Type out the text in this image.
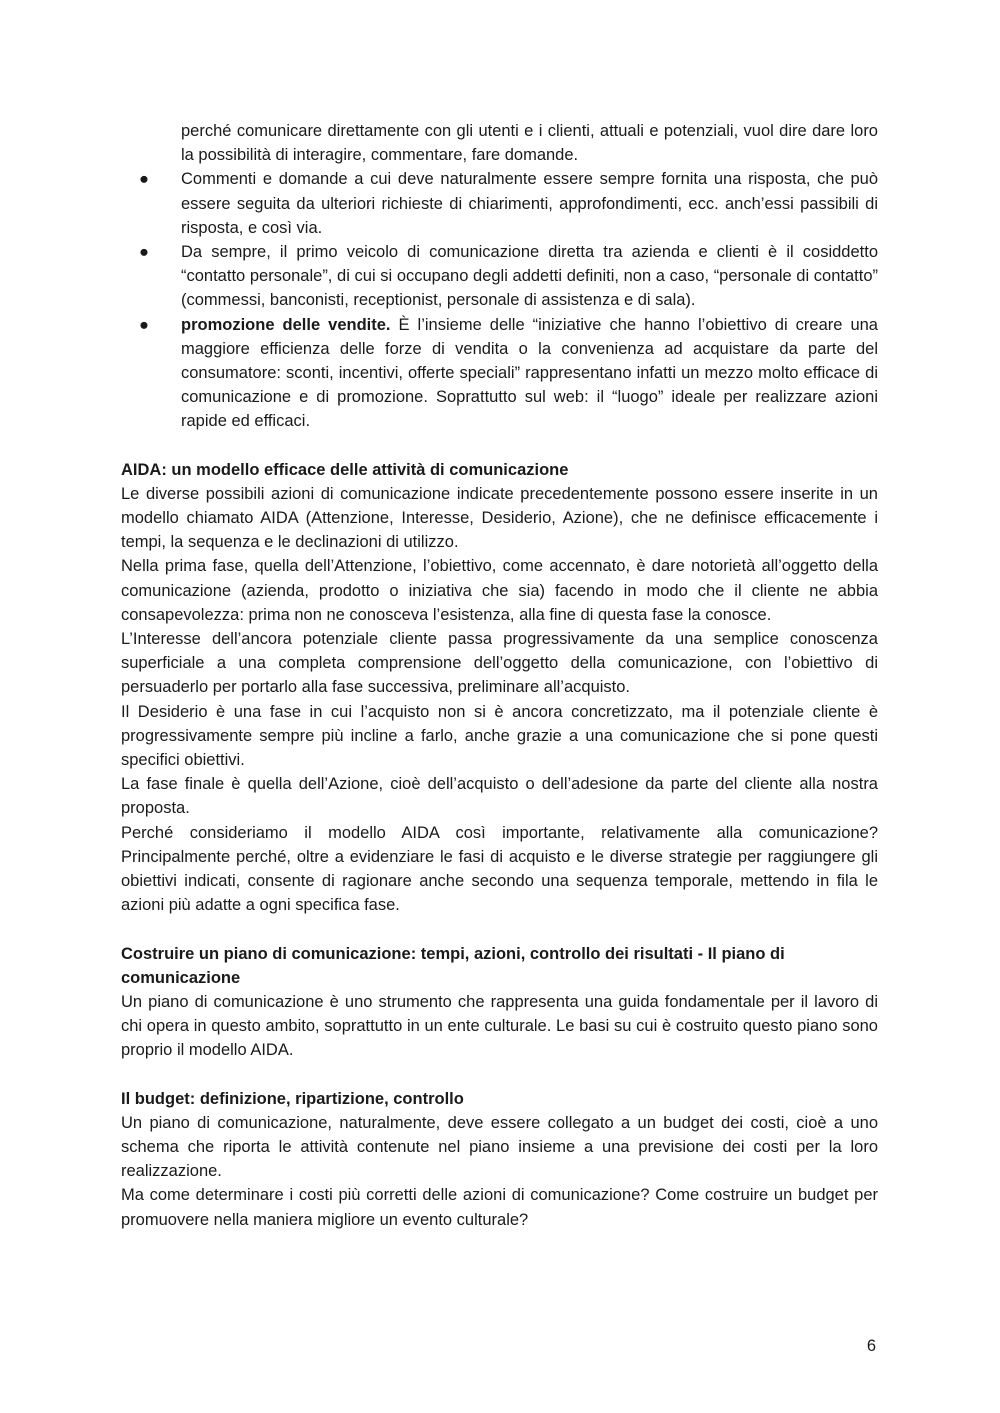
perché comunicare direttamente con gli utenti e i clienti, attuali e potenziali, vuol dire dare loro la possibilità di interagire, commentare, fare domande.
● Commenti e domande a cui deve naturalmente essere sempre fornita una risposta, che può essere seguita da ulteriori richieste di chiarimenti, approfondimenti, ecc. anch’essi passibili di risposta, e così via.
● Da sempre, il primo veicolo di comunicazione diretta tra azienda e clienti è il cosiddetto “contatto personale”, di cui si occupano degli addetti definiti, non a caso, “personale di contatto” (commessi, banconisti, receptionist, personale di assistenza e di sala).
● promozione delle vendite. È l’insieme delle “iniziative che hanno l’obiettivo di creare una maggiore efficienza delle forze di vendita o la convenienza ad acquistare da parte del consumatore: sconti, incentivi, offerte speciali” rappresentano infatti un mezzo molto efficace di comunicazione e di promozione. Soprattutto sul web: il “luogo” ideale per realizzare azioni rapide ed efficaci.

AIDA: un modello efficace delle attività di comunicazione

Le diverse possibili azioni di comunicazione indicate precedentemente possono essere inserite in un modello chiamato AIDA (Attenzione, Interesse, Desiderio, Azione), che ne definisce efficacemente i tempi, la sequenza e le declinazioni di utilizzo.

Nella prima fase, quella dell’Attenzione, l’obiettivo, come accennato, è dare notorietà all’oggetto della comunicazione (azienda, prodotto o iniziativa che sia) facendo in modo che il cliente ne abbia consapevolezza: prima non ne conosceva l’esistenza, alla fine di questa fase la conosce.

L’Interesse dell’ancora potenziale cliente passa progressivamente da una semplice conoscenza superficiale a una completa comprensione dell’oggetto della comunicazione, con l’obiettivo di persuaderlo per portarlo alla fase successiva, preliminare all’acquisto.

Il Desiderio è una fase in cui l’acquisto non si è ancora concretizzato, ma il potenziale cliente è progressivamente sempre più incline a farlo, anche grazie a una comunicazione che si pone questi specifici obiettivi.

La fase finale è quella dell’Azione, cioè dell’acquisto o dell’adesione da parte del cliente alla nostra proposta.

Perché consideriamo il modello AIDA così importante, relativamente alla comunicazione? Principalmente perché, oltre a evidenziare le fasi di acquisto e le diverse strategie per raggiungere gli obiettivi indicati, consente di ragionare anche secondo una sequenza temporale, mettendo in fila le azioni più adatte a ogni specifica fase.

Costruire un piano di comunicazione: tempi, azioni, controllo dei risultati - Il piano di comunicazione

Un piano di comunicazione è uno strumento che rappresenta una guida fondamentale per il lavoro di chi opera in questo ambito, soprattutto in un ente culturale. Le basi su cui è costruito questo piano sono proprio il modello AIDA.

Il budget: definizione, ripartizione, controllo

Un piano di comunicazione, naturalmente, deve essere collegato a un budget dei costi, cioè a uno schema che riporta le attività contenute nel piano insieme a una previsione dei costi per la loro realizzazione.

Ma come determinare i costi più corretti delle azioni di comunicazione? Come costruire un budget per promuovere nella maniera migliore un evento culturale?

6
